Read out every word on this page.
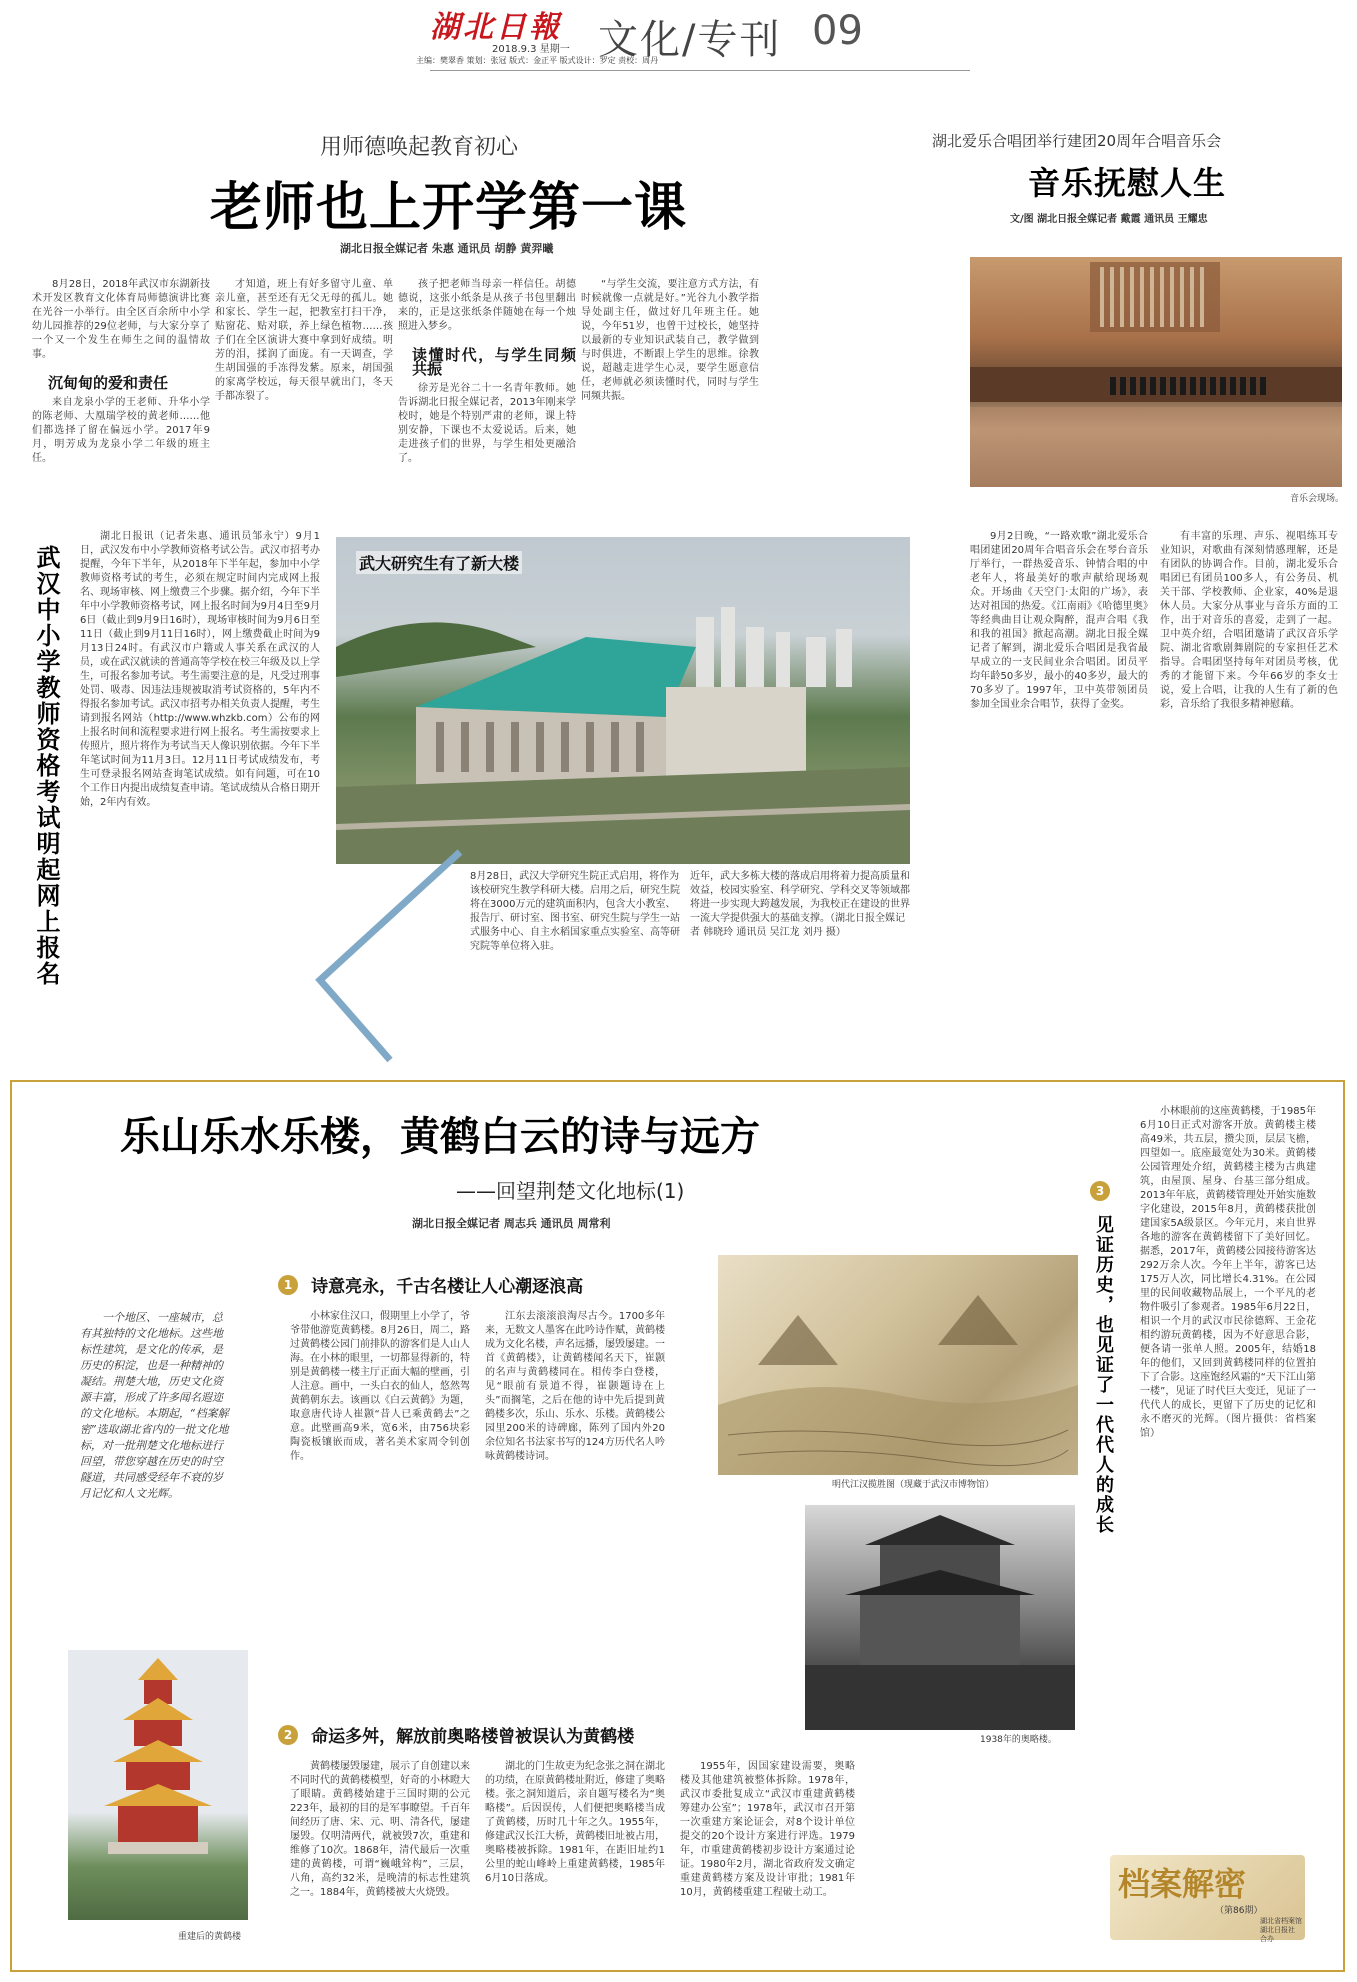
湖北日報
2018.9.3 星期一
主编：樊翠香 策划：张冠 版式：金正平 版式设计：罗定 责校：周丹
文化/专刊 09
用师德唤起教育初心
老师也上开学第一课
湖北日报全媒记者 朱惠 通讯员 胡静 黄羿曦

8月28日，2018年武汉市东湖新技术开发区教育文化体育局师德演讲比赛在光谷一小举行。由全区百余所中小学幼儿园推荐的29位老师，与大家分享了一个又一个发生在师生之间的温情故事。

沉甸甸的爱和责任

来自龙泉小学的王老师、升华小学的陈老师、大凰瑞学校的黄老师……他们都选择了留在偏远小学。2017年9月，明芳成为龙泉小学二年级的班主任。

才知道，班上有好多留守儿童、单亲儿童，甚至还有无父无母的孤儿。她和家长、学生一起，把教室打扫干净，贴窗花、贴对联，养上绿色植物……孩子们在全区演讲大赛中拿到好成绩。明芳的泪，揉润了面庞。有一天调查，学生胡国强的手冻得发紫。原来，胡国强的家离学校远，每天很早就出门，冬天手都冻裂了。

孩子把老师当母亲一样信任。胡德德说，这张小纸条是从孩子书包里翻出来的，正是这张纸条伴随她在每一个烛照进入梦乡。

读懂时代，与学生同频共振

徐芳是光谷二十一名青年教师。她告诉湖北日报全媒记者，2013年刚来学校时，她是个特别严肃的老师，课上特别安静，下课也不太爱说话。后来，她走进孩子们的世界，与学生相处更融洽了。

“与学生交流，要注意方式方法，有时候就像一点就是好。”光谷九小教学指导处副主任，做过好几年班主任。她说，今年51岁，也曾干过校长，她坚持以最新的专业知识武装自己，教学做到与时俱进，不断跟上学生的思维。徐教说，超越走进学生心灵，要学生愿意信任，老师就必须读懂时代，同时与学生同频共振。

湖北爱乐合唱团举行建团20周年合唱音乐会
音乐抚慰人生
文/图 湖北日报全媒记者 戴霞 通讯员 王耀忠
音乐会现场。

9月2日晚，“一路欢歌”湖北爱乐合唱团建团20周年合唱音乐会在琴台音乐厅举行，一群热爱音乐、钟情合唱的中老年人，将最美好的歌声献给现场观众。开场曲《天空门·太阳的广场》，表达对祖国的热爱。《江南雨》《哈德里奥》等经典曲目让观众陶醉，混声合唱《我和我的祖国》掀起高潮。湖北日报全媒记者了解到，湖北爱乐合唱团是我省最早成立的一支民间业余合唱团。团员平均年龄50多岁，最小的40多岁，最大的70多岁了。1997年，卫中英带领团员参加全国业余合唱节，获得了金奖。

有丰富的乐理、声乐、视唱练耳专业知识，对歌曲有深刻情感理解，还是有团队的协调合作。目前，湖北爱乐合唱团已有团员100多人，有公务员、机关干部、学校教师、企业家，40%是退休人员。大家分从事业与音乐方面的工作，出于对音乐的喜爱，走到了一起。卫中英介绍，合唱团邀请了武汉音乐学院、湖北省歌剧舞剧院的专家担任艺术指导。合唱团坚持每年对团员考核，优秀的才能留下来。今年66岁的李女士说，爱上合唱，让我的人生有了新的色彩，音乐给了我很多精神慰藉。

武汉中小学教师资格考试明起网上报名

湖北日报讯（记者朱惠、通讯员邹永宁）9月1日，武汉发布中小学教师资格考试公告。武汉市招考办提醒，今年下半年，从2018年下半年起，参加中小学教师资格考试的考生，必须在规定时间内完成网上报名、现场审核、网上缴费三个步骤。据介绍，今年下半年中小学教师资格考试，网上报名时间为9月4日至9月6日（截止到9月9日16时），现场审核时间为9月6日至11日（截止到9月11日16时），网上缴费截止时间为9月13日24时。有武汉市户籍或人事关系在武汉的人员，或在武汉就读的普通高等学校在校三年级及以上学生，可报名参加考试。考生需要注意的是，凡受过刑事处罚、吸毒、因违法违规被取消考试资格的，5年内不得报名参加考试。武汉市招考办相关负责人提醒，考生请到报名网站（http://www.whzkb.com）公布的网上报名时间和流程要求进行网上报名。考生需按要求上传照片，照片将作为考试当天人像识别依据。今年下半年笔试时间为11月3日。12月11日考试成绩发布，考生可登录报名网站查询笔试成绩。如有问题，可在10个工作日内提出成绩复查申请。笔试成绩从合格日期开始，2年内有效。

武大研究生有了新大楼
8月28日，武汉大学研究生院正式启用，将作为该校研究生教学科研大楼。启用之后，研究生院将在3000万元的建筑面积内，包含大小教室、报告厅、研讨室、图书室、研究生院与学生一站式服务中心、自主水稻国家重点实验室、高等研究院等单位将入驻。
近年，武大多栋大楼的落成启用将着力提高质量和效益，校园实验室、科学研究、学科交叉等领域都将进一步实现大跨越发展，为我校正在建设的世界一流大学提供强大的基础支撑。（湖北日报全媒记者 韩晓玲 通讯员 吴江龙 刘丹 摄）
乐山乐水乐楼，黄鹤白云的诗与远方
——回望荆楚文化地标(1)
湖北日报全媒记者 周志兵 通讯员 周常利
一个地区、一座城市，总有其独特的文化地标。这些地标性建筑，是文化的传承，是历史的积淀，也是一种精神的凝结。荆楚大地，历史文化资源丰富，形成了许多闻名遐迩的文化地标。本期起，“档案解密”选取湖北省内的一批文化地标，对一批荆楚文化地标进行回望，带您穿越在历史的时空隧道，共同感受经年不衰的岁月记忆和人文光辉。
重建后的黄鹤楼
1 诗意亮永，千古名楼让人心潮逐浪高

小林家住汉口，假期里上小学了，爷爷带他游览黄鹤楼。8月26日，周二，路过黄鹤楼公园门前排队的游客们是人山人海。在小林的眼里，一切都显得新的，特别是黄鹤楼一楼主厅正面大幅的壁画，引人注意。画中，一头白衣的仙人，悠然驾黄鹤朝东去。该画以《白云黄鹤》为题，取意唐代诗人崔颢“昔人已乘黄鹤去”之意。此壁画高9米，宽6米，由756块彩陶瓷板镶嵌而成，著名美术家周令钊创作。

江东去滚滚浪淘尽古今。1700多年来，无数文人墨客在此吟诗作赋，黄鹤楼成为文化名楼，声名远播，屡毁屡建。一首《黄鹤楼》，让黄鹤楼闻名天下，崔颢的名声与黄鹤楼同在。相传李白登楼，见“眼前有景道不得，崔颢题诗在上头”而搁笔，之后在他的诗中先后提到黄鹤楼多次，乐山、乐水、乐楼。黄鹤楼公园里200米的诗碑廊，陈列了国内外20余位知名书法家书写的124方历代名人吟咏黄鹤楼诗词。

2 命运多舛，解放前奥略楼曾被误认为黄鹤楼

黄鹤楼屡毁屡建，展示了自创建以来不同时代的黄鹤楼模型，好奇的小林瞪大了眼睛。黄鹤楼始建于三国时期的公元223年，最初的目的是军事瞭望。千百年间经历了唐、宋、元、明、清各代，屡建屡毁。仅明清两代，就被毁7次，重建和维修了10次。1868年，清代最后一次重建的黄鹤楼，可谓“巍峨耸构”，三层，八角，高约32米，是晚清的标志性建筑之一。1884年，黄鹤楼被大火烧毁。

湖北的门生故吏为纪念张之洞在湖北的功绩，在原黄鹤楼址附近，修建了奥略楼。张之洞知道后，亲自题写楼名为“奥略楼”。后因误传，人们便把奥略楼当成了黄鹤楼，历时几十年之久。1955年，修建武汉长江大桥，黄鹤楼旧址被占用，奥略楼被拆除。1981年，在距旧址约1公里的蛇山峰岭上重建黄鹤楼，1985年6月10日落成。

1955年，因国家建设需要，奥略楼及其他建筑被整体拆除。1978年，武汉市委批复成立“武汉市重建黄鹤楼筹建办公室”；1978年，武汉市召开第一次重建方案论证会，对8个设计单位提交的20个设计方案进行评选。1979年，市重建黄鹤楼初步设计方案通过论证。1980年2月，湖北省政府发文确定重建黄鹤楼方案及设计审批；1981年10月，黄鹤楼重建工程破土动工。

明代江汉揽胜图（现藏于武汉市博物馆）
1938年的奥略楼。
3
见证历史，也见证了一代代人的成长

小林眼前的这座黄鹤楼，于1985年6月10日正式对游客开放。黄鹤楼主楼高49米，共五层，攒尖顶，层层飞檐，四望如一。底座最宽处为30米。黄鹤楼公园管理处介绍，黄鹤楼主楼为古典建筑，由屋顶、屋身、台基三部分组成。2013年年底，黄鹤楼管理处开始实施数字化建设，2015年8月，黄鹤楼获批创建国家5A级景区。今年元月，来自世界各地的游客在黄鹤楼留下了美好回忆。据悉，2017年，黄鹤楼公园接待游客达292万余人次。今年上半年，游客已达175万人次，同比增长4.31%。在公园里的民间收藏物品展上，一个平凡的老物件吸引了参观者。1985年6月22日，相识一个月的武汉市民徐德辉、王金花相约游玩黄鹤楼，因为不好意思合影，便各请一张单人照。2005年，结婚18年的他们，又回到黄鹤楼同样的位置拍下了合影。这座饱经风霜的“天下江山第一楼”，见证了时代巨大变迁，见证了一代代人的成长，更留下了历史的记忆和永不磨灭的光辉。（图片摄供：省档案馆）

档案解密
（第86期）
湖北省档案馆 湖北日报社 合办
